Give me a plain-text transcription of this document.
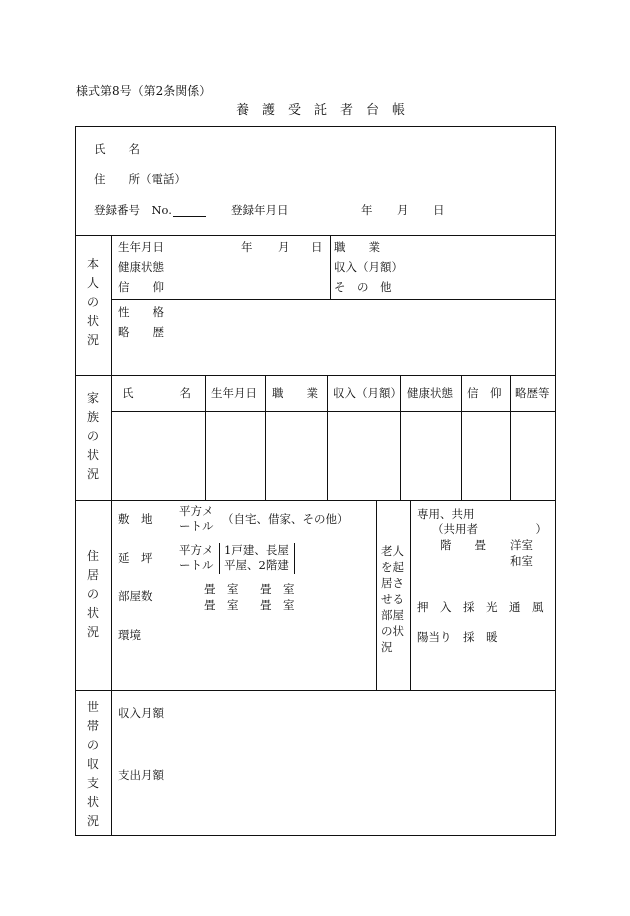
様式第8号（第2条関係）
養　護　受　託　者　台　帳
氏　　名
住　　所（電話）
登録番号　No.	登録年月日	年 月 日
本
人
の
状
況
生年月日	年 月 日
健康状態
信　　仰
職　　業
収入（月額）
そ　の　他
性　　格
略　　歴
家
族
の
状
況
氏　　　　名 生年月日 職　　業 収入（月額） 健康状態 信　仰 略歴等
住
居
の
状
況
敷　地
平方メ
ートル （自宅、借家、その他）
延　坪
平方メ
ートル
1戸建、長屋
平屋、2階建
部屋数	畳　室 畳　室
畳　室 畳　室
環境
老人
を起
居さ
せる
部屋
の状
況
専用、共用
（共用者　　　　　）
階　　畳 洋室
和室
押　入　採　光　通　風
陽当り　採　暖
世
帯
の
収
支
状
況
収入月額
支出月額
